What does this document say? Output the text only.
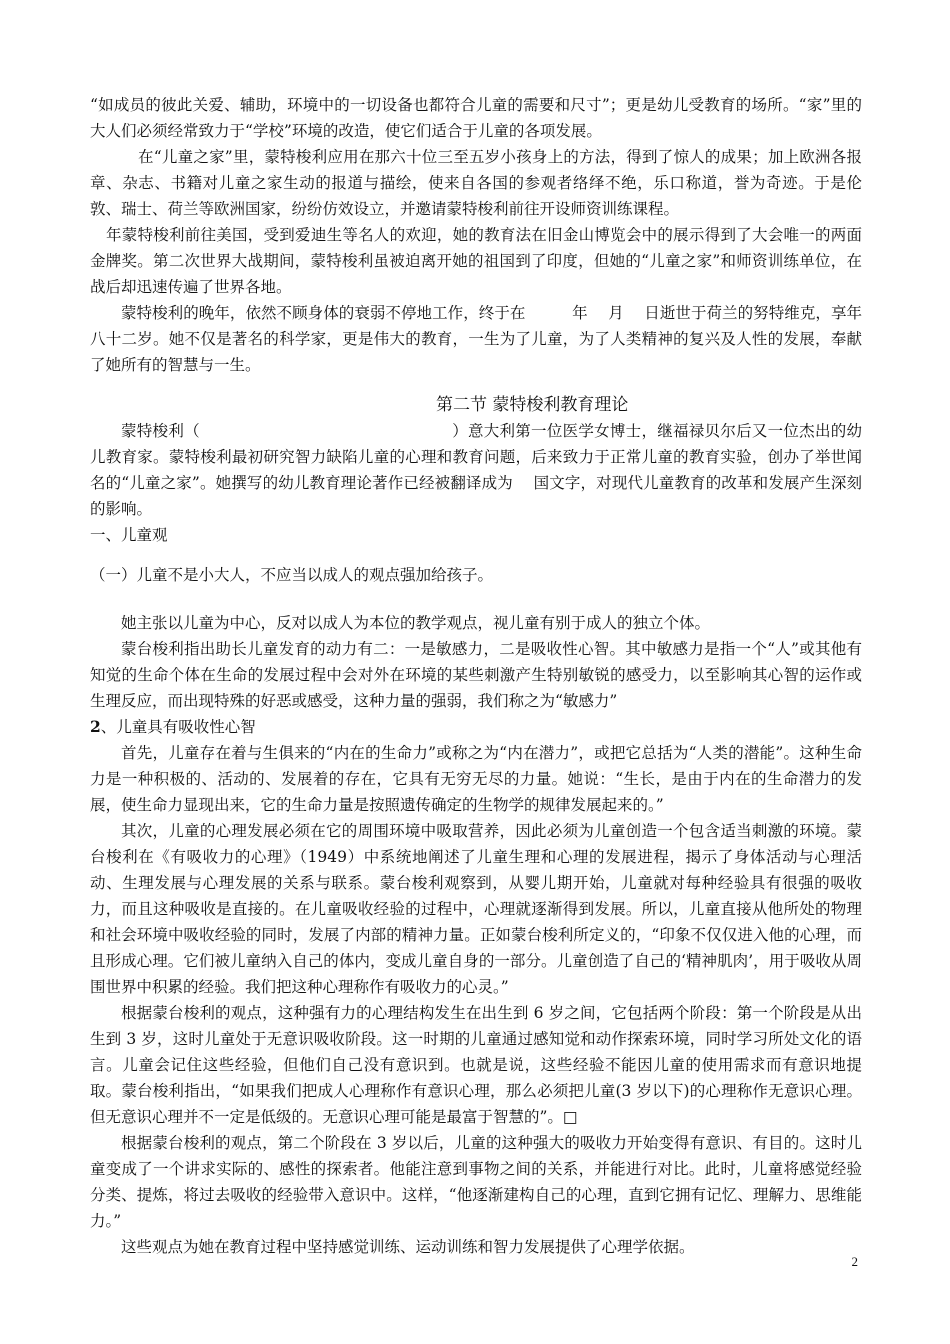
“如成员的彼此关爱、辅助，环境中的一切设备也都符合儿童的需要和尺寸”；更是幼儿受教育的场所。“家”里的大人们必须经常致力于“学校”环境的改造，使它们适合于儿童的各项发展。

在“儿童之家”里，蒙特梭利应用在那六十位三至五岁小孩身上的方法，得到了惊人的成果；加上欧洲各报章、杂志、书籍对儿童之家生动的报道与描绘，使来自各国的参观者络绎不绝，乐口称道，誉为奇迹。于是伦敦、瑞士、荷兰等欧洲国家，纷纷仿效设立，并邀请蒙特梭利前往开设师资训练课程。

年蒙特梭利前往美国，受到爱迪生等名人的欢迎，她的教育法在旧金山博览会中的展示得到了大会唯一的两面金牌奖。第二次世界大战期间，蒙特梭利虽被迫离开她的祖国到了印度，但她的“儿童之家”和师资训练单位，在战后却迅速传遍了世界各地。

蒙特梭利的晚年，依然不顾身体的衰弱不停地工作，终于在　　　年　 月　 日逝世于荷兰的努特维克，享年八十二岁。她不仅是著名的科学家，更是伟大的教育，一生为了儿童，为了人类精神的复兴及人性的发展，奉献了她所有的智慧与一生。

第二节 蒙特梭利教育理论

蒙特梭利（　　　　　　　　　　　　　　　　）意大利第一位医学女博士，继福禄贝尔后又一位杰出的幼儿教育家。蒙特梭利最初研究智力缺陷儿童的心理和教育问题，后来致力于正常儿童的教育实验，创办了举世闻名的“儿童之家”。她撰写的幼儿教育理论著作已经被翻译成为　 国文字，对现代儿童教育的改革和发展产生深刻的影响。

一、儿童观

（一）儿童不是小大人，不应当以成人的观点强加给孩子。

她主张以儿童为中心，反对以成人为本位的教学观点，视儿童有别于成人的独立个体。

蒙台梭利指出助长儿童发育的动力有二：一是敏感力，二是吸收性心智。其中敏感力是指一个“人”或其他有知觉的生命个体在生命的发展过程中会对外在环境的某些刺激产生特别敏锐的感受力，以至影响其心智的运作或生理反应，而出现特殊的好恶或感受，这种力量的强弱，我们称之为“敏感力”

2、儿童具有吸收性心智

首先，儿童存在着与生俱来的“内在的生命力”或称之为“内在潜力”，或把它总括为“人类的潜能”。这种生命力是一种积极的、活动的、发展着的存在，它具有无穷无尽的力量。她说：“生长，是由于内在的生命潜力的发展，使生命力显现出来，它的生命力量是按照遗传确定的生物学的规律发展起来的。”

其次，儿童的心理发展必须在它的周围环境中吸取营养，因此必须为儿童创造一个包含适当刺激的环境。蒙台梭利在《有吸收力的心理》（1949）中系统地阐述了儿童生理和心理的发展进程，揭示了身体活动与心理活动、生理发展与心理发展的关系与联系。蒙台梭利观察到，从婴儿期开始，儿童就对每种经验具有很强的吸收力，而且这种吸收是直接的。在儿童吸收经验的过程中，心理就逐渐得到发展。所以，儿童直接从他所处的物理和社会环境中吸收经验的同时，发展了内部的精神力量。正如蒙台梭利所定义的，“印象不仅仅进入他的心理，而且形成心理。它们被儿童纳入自己的体内，变成儿童自身的一部分。儿童创造了自己的‘精神肌肉’，用于吸收从周围世界中积累的经验。我们把这种心理称作有吸收力的心灵。”

根据蒙台梭利的观点，这种强有力的心理结构发生在出生到 6 岁之间，它包括两个阶段：第一个阶段是从出生到 3 岁，这时儿童处于无意识吸收阶段。这一时期的儿童通过感知觉和动作探索环境，同时学习所处文化的语言。儿童会记住这些经验，但他们自己没有意识到。也就是说，这些经验不能因儿童的使用需求而有意识地提取。蒙台梭利指出，“如果我们把成人心理称作有意识心理，那么必须把儿童(3 岁以下)的心理称作无意识心理。但无意识心理并不一定是低级的。无意识心理可能是最富于智慧的”。□

根据蒙台梭利的观点，第二个阶段在 3 岁以后，儿童的这种强大的吸收力开始变得有意识、有目的。这时儿童变成了一个讲求实际的、感性的探索者。他能注意到事物之间的关系，并能进行对比。此时，儿童将感觉经验分类、提炼，将过去吸收的经验带入意识中。这样，“他逐渐建构自己的心理，直到它拥有记忆、理解力、思维能力。”

这些观点为她在教育过程中坚持感觉训练、运动训练和智力发展提供了心理学依据。

2
